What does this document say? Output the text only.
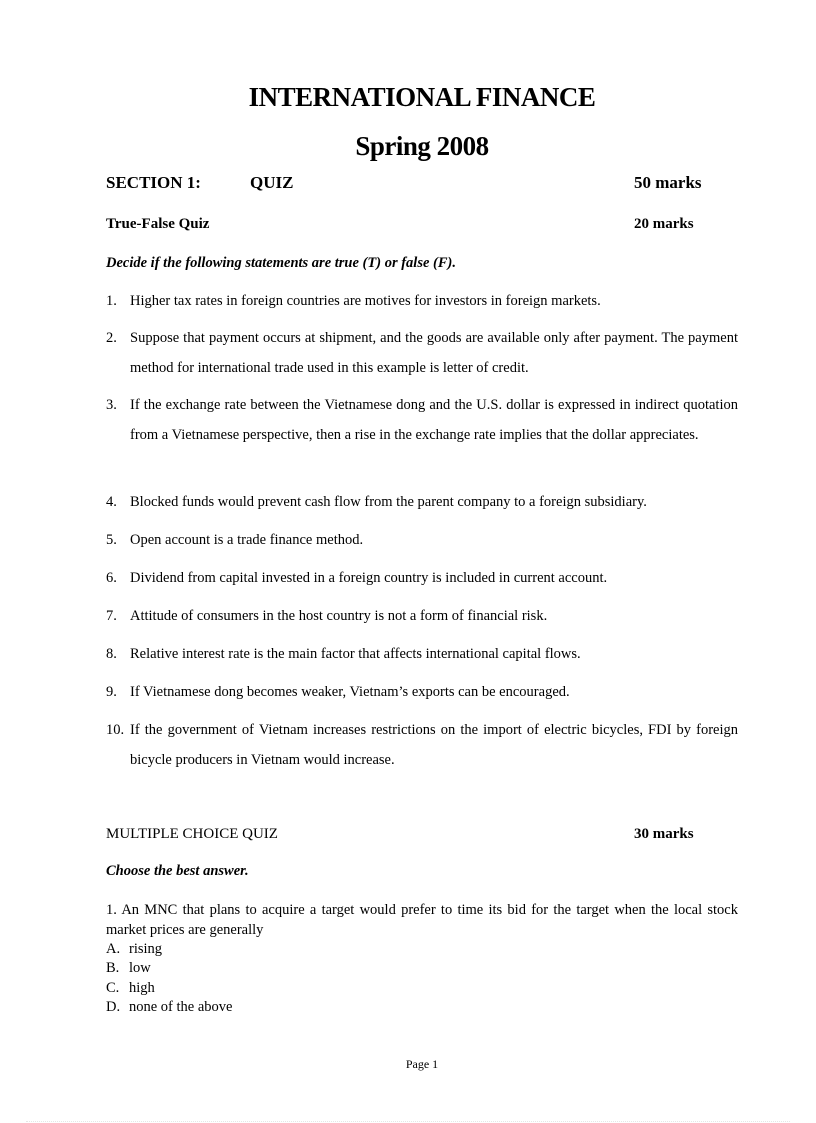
INTERNATIONAL FINANCE
Spring 2008
SECTION 1:	QUIZ	50 marks
True-False Quiz	20 marks
Decide if the following statements are true (T) or false (F).
1. Higher tax rates in foreign countries are motives for investors in foreign markets.
2. Suppose that payment occurs at shipment, and the goods are available only after payment. The payment method for international trade used in this example is letter of credit.
3. If the exchange rate between the Vietnamese dong and the U.S. dollar is expressed in indirect quotation from a Vietnamese perspective, then a rise in the exchange rate implies that the dollar appreciates.
4. Blocked funds would prevent cash flow from the parent company to a foreign subsidiary.
5. Open account is a trade finance method.
6. Dividend from capital invested in a foreign country is included in current account.
7. Attitude of consumers in the host country is not a form of financial risk.
8. Relative interest rate is the main factor that affects international capital flows.
9. If Vietnamese dong becomes weaker, Vietnam’s exports can be encouraged.
10. If the government of Vietnam increases restrictions on the import of electric bicycles, FDI by foreign bicycle producers in Vietnam would increase.
MULTIPLE CHOICE QUIZ	30 marks
Choose the best answer.
1. An MNC that plans to acquire a target would prefer to time its bid for the target when the local stock market prices are generally
A. rising
B. low
C. high
D. none of the above
Page 1
